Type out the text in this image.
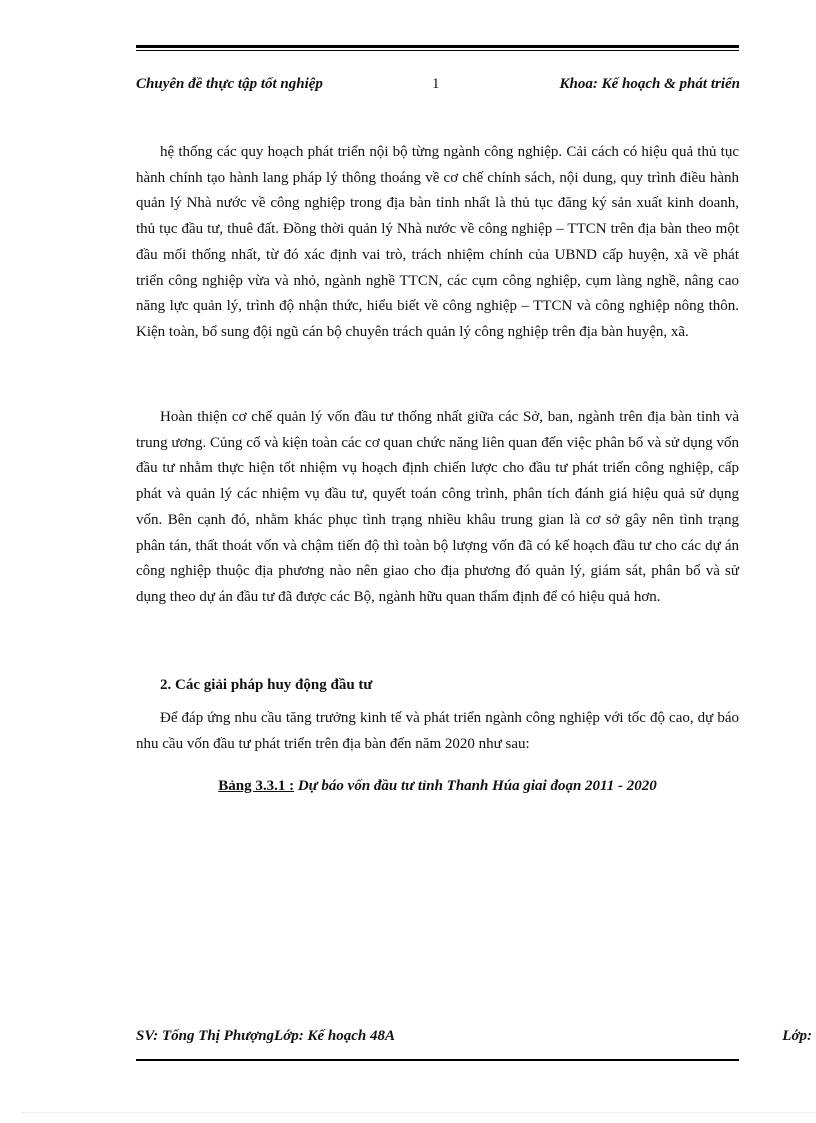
Chuyên đề thực tập tốt nghiệp	1	Khoa: Kế hoạch & phát triển

hệ thống các quy hoạch phát triển nội bộ từng ngành công nghiệp. Cải cách có hiệu quả thủ tục hành chính tạo hành lang pháp lý thông thoáng về cơ chế chính sách, nội dung, quy trình điều hành quản lý Nhà nước về công nghiệp trong địa bàn tỉnh nhất là thủ tục đăng ký sản xuất kinh doanh, thủ tục đầu tư, thuê đất. Đồng thời quản lý Nhà nước về công nghiệp – TTCN trên địa bàn theo một đầu mối thống nhất, từ đó xác định vai trò, trách nhiệm chính của UBND cấp huyện, xã về phát triển công nghiệp vừa và nhỏ, ngành nghề TTCN, các cụm công nghiệp, cụm làng nghề, nâng cao năng lực quản lý, trình độ nhận thức, hiểu biết về công nghiệp – TTCN và công nghiệp nông thôn. Kiện toàn, bổ sung đội ngũ cán bộ chuyên trách quản lý công nghiệp trên địa bàn huyện, xã.

Hoàn thiện cơ chế quản lý vốn đầu tư thống nhất giữa các Sở, ban, ngành trên địa bàn tỉnh và trung ương. Củng cố và kiện toàn các cơ quan chức năng liên quan đến việc phân bổ và sử dụng vốn đầu tư nhằm thực hiện tốt nhiệm vụ hoạch định chiến lược cho đầu tư phát triển công nghiệp, cấp phát và quản lý các nhiệm vụ đầu tư, quyết toán công trình, phân tích đánh giá hiệu quả sử dụng vốn. Bên cạnh đó, nhằm khác phục tình trạng nhiều khâu trung gian là cơ sở gây nên tình trạng phân tán, thất thoát vốn và chậm tiến độ thì toàn bộ lượng vốn đã có kế hoạch đầu tư cho các dự án công nghiệp thuộc địa phương nào nên giao cho địa phương đó quản lý, giám sát, phân bổ và sử dụng theo dự án đầu tư đã được các Bộ, ngành hữu quan thẩm định để có hiệu quả hơn.

2. Các giải pháp huy động đầu tư

Để đáp ứng nhu cầu tăng trưởng kinh tế và phát triển ngành công nghiệp với tốc độ cao, dự báo nhu cầu vốn đầu tư phát triển trên địa bàn đến năm 2020 như sau:

Bảng 3.3.1 : Dự báo vốn đầu tư tỉnh Thanh Húa giai đoạn 2011 - 2020
SV: Tống Thị PhượngLớp: Kế hoạch 48A	Lớp:
